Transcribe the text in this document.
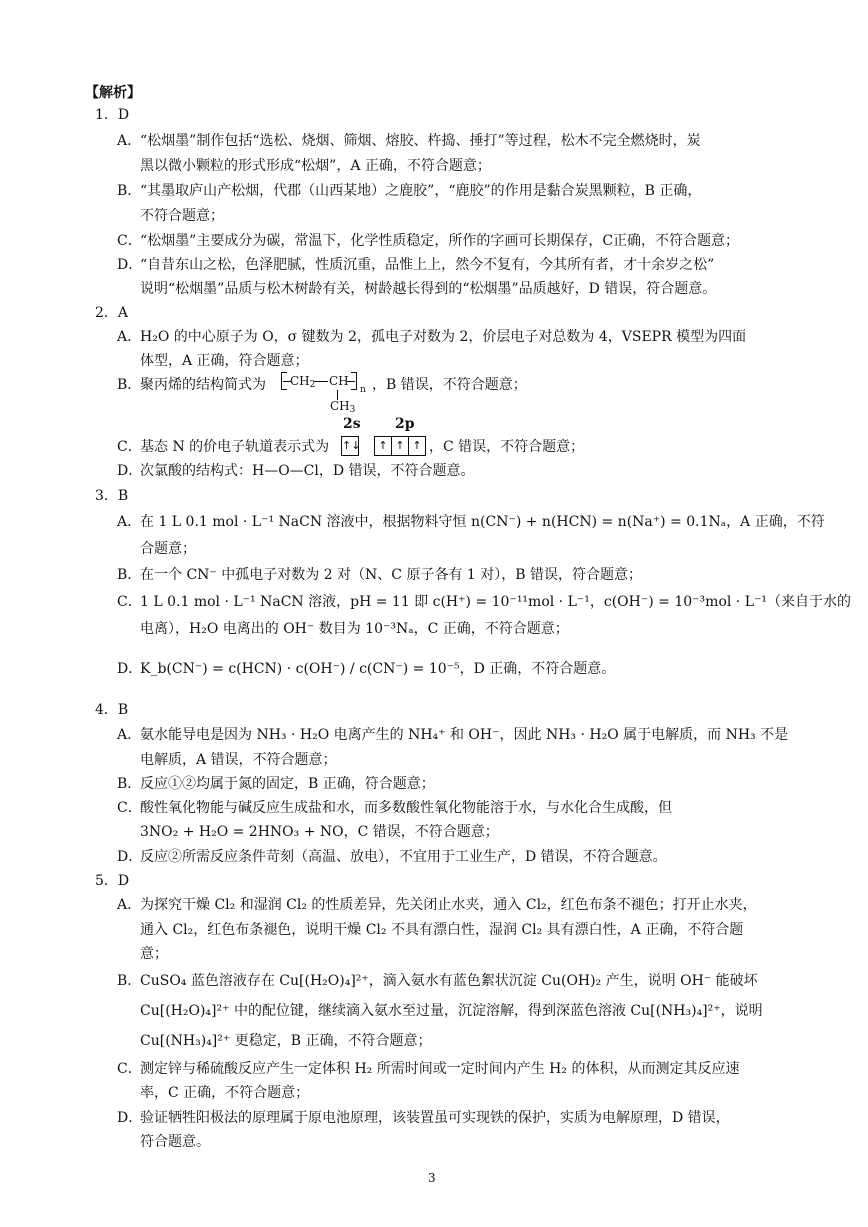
【解析】
1．D
A．
“松烟墨”制作包括“选松、烧烟、筛烟、熔胶、杵捣、捶打”等过程，松木不完全燃烧时，炭
黑以微小颗粒的形式形成“松烟”，A 正确，不符合题意；
B．
“其墨取庐山产松烟，代郡（山西某地）之鹿胶”，“鹿胶”的作用是黏合炭黑颗粒，B 正确，
不符合题意；
C．
“松烟墨”主要成分为碳，常温下，化学性质稳定，所作的字画可长期保存，C正确，不符合题意；
D．
“自昔东山之松，色泽肥腻，性质沉重，品惟上上，然今不复有，今其所有者，才十余岁之松”
说明“松烟墨”品质与松木树龄有关，树龄越长得到的“松烟墨”品质越好，D 错误，符合题意。
2．A
A．
H₂O 的中心原子为 O，σ 键数为 2，孤电子对数为 2，价层电子对总数为 4，VSEPR 模型为四面
体型，A 正确，符合题意；
B．
聚丙烯的结构简式为 $CH_2$ CH
n
$CH_3$
，B 错误，不符合题意；
2s 2p
C．
基态 N 的价电子轨道表示式为 ↑↓	↑ ↑ ↑ ，C 错误，不符合题意；
D．
次氯酸的结构式：H—O—Cl，D 错误，不符合题意。
3．B
A．
在 1 L 0.1 mol · L⁻¹ NaCN 溶液中，根据物料守恒 n(CN⁻) + n(HCN) = n(Na⁺) = 0.1Nₐ，A 正确，不符
合题意；
B．
在一个 CN⁻ 中孤电子对数为 2 对（N、C 原子各有 1 对），B 错误，符合题意；
C．
1 L 0.1 mol · L⁻¹ NaCN 溶液，pH = 11 即 c(H⁺) = 10⁻¹¹mol · L⁻¹，c(OH⁻) = 10⁻³mol · L⁻¹（来自于水的
电离），H₂O 电离出的 OH⁻ 数目为 10⁻³Nₐ，C 正确，不符合题意；
D．
K_b(CN⁻) = c(HCN) · c(OH⁻) / c(CN⁻) = 10⁻⁵，D 正确，不符合题意。
4．B
A．
氨水能导电是因为 NH₃ · H₂O 电离产生的 NH₄⁺ 和 OH⁻，因此 NH₃ · H₂O 属于电解质，而 NH₃ 不是
电解质，A 错误，不符合题意；
B．
反应①②均属于氮的固定，B 正确，符合题意；
C．
酸性氧化物能与碱反应生成盐和水，而多数酸性氧化物能溶于水，与水化合生成酸，但
3NO₂ + H₂O = 2HNO₃ + NO，C 错误，不符合题意；
D．
反应②所需反应条件苛刻（高温、放电），不宜用于工业生产，D 错误，不符合题意。
5．D
A．
为探究干燥 Cl₂ 和湿润 Cl₂ 的性质差异，先关闭止水夹，通入 Cl₂，红色布条不褪色；打开止水夹，
通入 Cl₂，红色布条褪色，说明干燥 Cl₂ 不具有漂白性，湿润 Cl₂ 具有漂白性，A 正确，不符合题
意；
B．
CuSO₄ 蓝色溶液存在 Cu[(H₂O)₄]²⁺，滴入氨水有蓝色絮状沉淀 Cu(OH)₂ 产生，说明 OH⁻ 能破坏
Cu[(H₂O)₄]²⁺ 中的配位键，继续滴入氨水至过量，沉淀溶解，得到深蓝色溶液 Cu[(NH₃)₄]²⁺，说明
Cu[(NH₃)₄]²⁺ 更稳定，B 正确，不符合题意；
C．
测定锌与稀硫酸反应产生一定体积 H₂ 所需时间或一定时间内产生 H₂ 的体积，从而测定其反应速
率，C 正确，不符合题意；
D．
验证牺牲阳极法的原理属于原电池原理，该装置虽可实现铁的保护，实质为电解原理，D 错误，
符合题意。
3
